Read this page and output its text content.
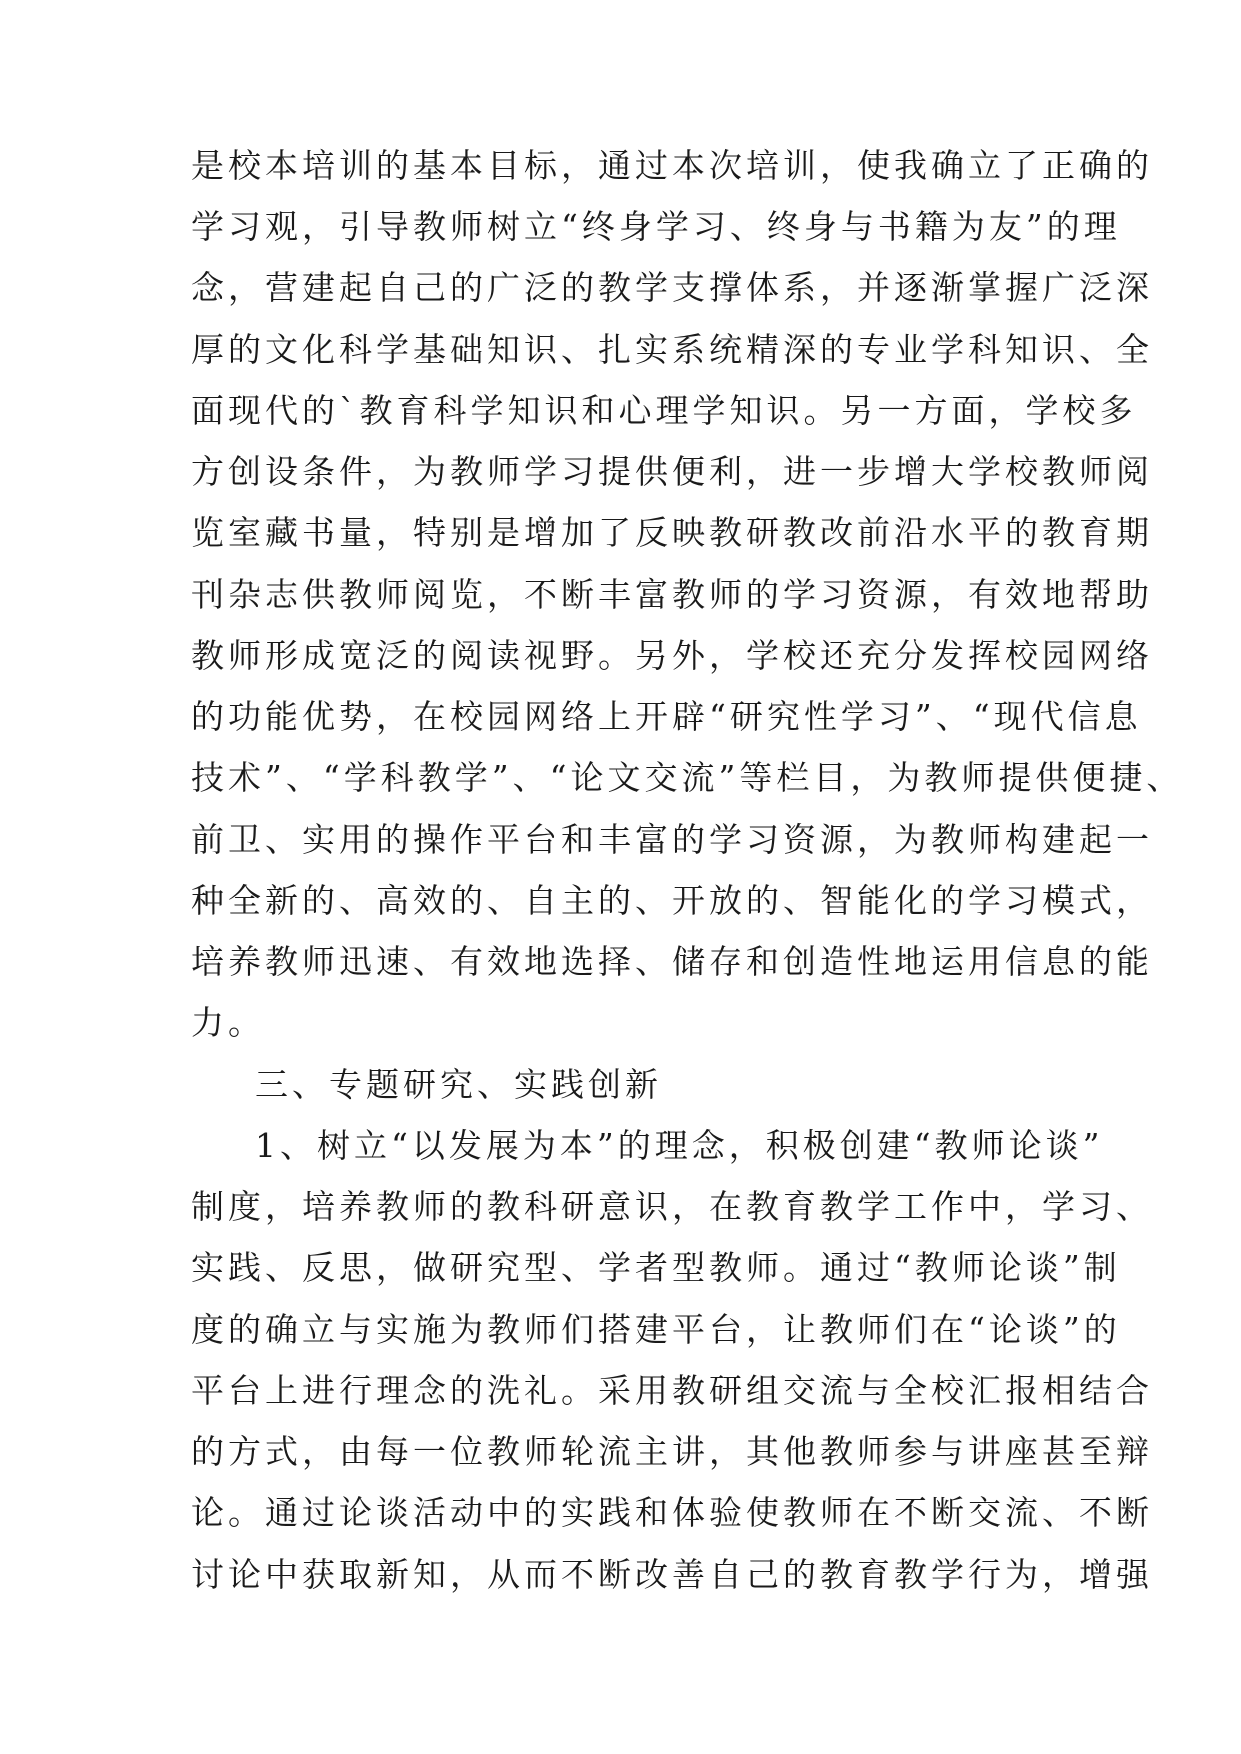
是校本培训的基本目标，通过本次培训，使我确立了正确的
学习观，引导教师树立“终身学习、终身与书籍为友”的理
念，营建起自己的广泛的教学支撑体系，并逐渐掌握广泛深
厚的文化科学基础知识、扎实系统精深的专业学科知识、全
面现代的`教育科学知识和心理学知识。另一方面，学校多
方创设条件，为教师学习提供便利，进一步增大学校教师阅
览室藏书量，特别是增加了反映教研教改前沿水平的教育期
刊杂志供教师阅览，不断丰富教师的学习资源，有效地帮助
教师形成宽泛的阅读视野。另外，学校还充分发挥校园网络
的功能优势，在校园网络上开辟“研究性学习”、“现代信息
技术”、“学科教学”、“论文交流”等栏目，为教师提供便捷、
前卫、实用的操作平台和丰富的学习资源，为教师构建起一
种全新的、高效的、自主的、开放的、智能化的学习模式，
培养教师迅速、有效地选择、储存和创造性地运用信息的能
力。
三、专题研究、实践创新
1、树立“以发展为本”的理念，积极创建“教师论谈”
制度，培养教师的教科研意识，在教育教学工作中，学习、
实践、反思，做研究型、学者型教师。通过“教师论谈”制
度的确立与实施为教师们搭建平台，让教师们在“论谈”的
平台上进行理念的洗礼。采用教研组交流与全校汇报相结合
的方式，由每一位教师轮流主讲，其他教师参与讲座甚至辩
论。通过论谈活动中的实践和体验使教师在不断交流、不断
讨论中获取新知，从而不断改善自己的教育教学行为，增强
